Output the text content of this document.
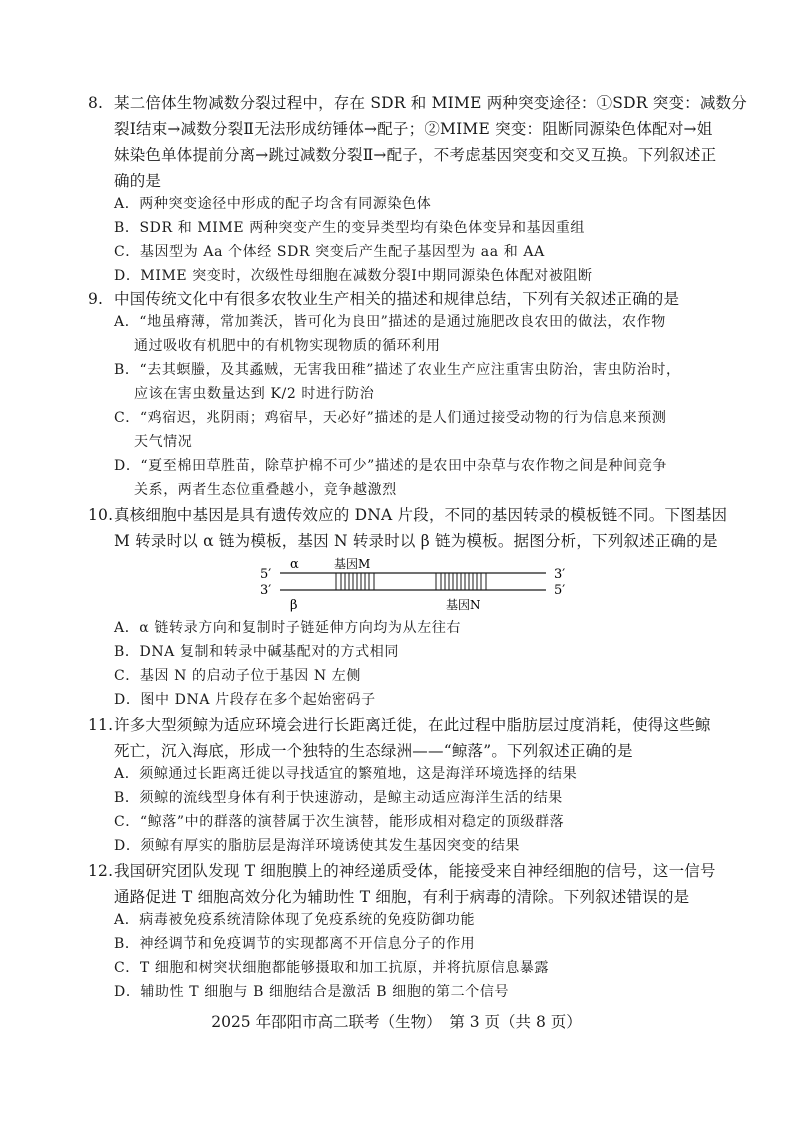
8. 某二倍体生物减数分裂过程中，存在 SDR 和 MIME 两种突变途径：①SDR 突变：减数分
裂Ⅰ结束→减数分裂Ⅱ无法形成纺锤体→配子；②MIME 突变：阻断同源染色体配对→姐
妹染色单体提前分离→跳过减数分裂Ⅱ→配子，不考虑基因突变和交叉互换。下列叙述正
确的是
A．两种突变途径中形成的配子均含有同源染色体
B．SDR 和 MIME 两种突变产生的变异类型均有染色体变异和基因重组
C．基因型为 Aa 个体经 SDR 突变后产生配子基因型为 aa 和 AA
D．MIME 突变时，次级性母细胞在减数分裂Ⅰ中期同源染色体配对被阻断
9. 中国传统文化中有很多农牧业生产相关的描述和规律总结，下列有关叙述正确的是
A．“地虽瘠薄，常加粪沃，皆可化为良田”描述的是通过施肥改良农田的做法，农作物
通过吸收有机肥中的有机物实现物质的循环利用
B．“去其螟螣，及其蟊贼，无害我田稚”描述了农业生产应注重害虫防治，害虫防治时，
应该在害虫数量达到 K/2 时进行防治
C．“鸡宿迟，兆阴雨；鸡宿早，天必好”描述的是人们通过接受动物的行为信息来预测
天气情况
D．“夏至棉田草胜苗，除草护棉不可少”描述的是农田中杂草与农作物之间是种间竞争
关系，两者生态位重叠越小，竞争越激烈
10.真核细胞中基因是具有遗传效应的 DNA 片段，不同的基因转录的模板链不同。下图基因
M 转录时以 α 链为模板，基因 N 转录时以 β 链为模板。据图分析，下列叙述正确的是
α	基因M
5′	3′
3′	5′
β	基因N
A．α 链转录方向和复制时子链延伸方向均为从左往右
B．DNA 复制和转录中碱基配对的方式相同
C．基因 N 的启动子位于基因 N 左侧
D．图中 DNA 片段存在多个起始密码子
11.许多大型须鲸为适应环境会进行长距离迁徙，在此过程中脂肪层过度消耗，使得这些鲸
死亡，沉入海底，形成一个独特的生态绿洲——“鲸落”。下列叙述正确的是
A．须鲸通过长距离迁徙以寻找适宜的繁殖地，这是海洋环境选择的结果
B．须鲸的流线型身体有利于快速游动，是鲸主动适应海洋生活的结果
C．“鲸落”中的群落的演替属于次生演替，能形成相对稳定的顶级群落
D．须鲸有厚实的脂肪层是海洋环境诱使其发生基因突变的结果
12.我国研究团队发现 T 细胞膜上的神经递质受体，能接受来自神经细胞的信号，这一信号
通路促进 T 细胞高效分化为辅助性 T 细胞，有利于病毒的清除。下列叙述错误的是
A．病毒被免疫系统清除体现了免疫系统的免疫防御功能
B．神经调节和免疫调节的实现都离不开信息分子的作用
C．T 细胞和树突状细胞都能够摄取和加工抗原，并将抗原信息暴露
D．辅助性 T 细胞与 B 细胞结合是激活 B 细胞的第二个信号
2025 年邵阳市高二联考（生物）　第 3 页（共 8 页）
